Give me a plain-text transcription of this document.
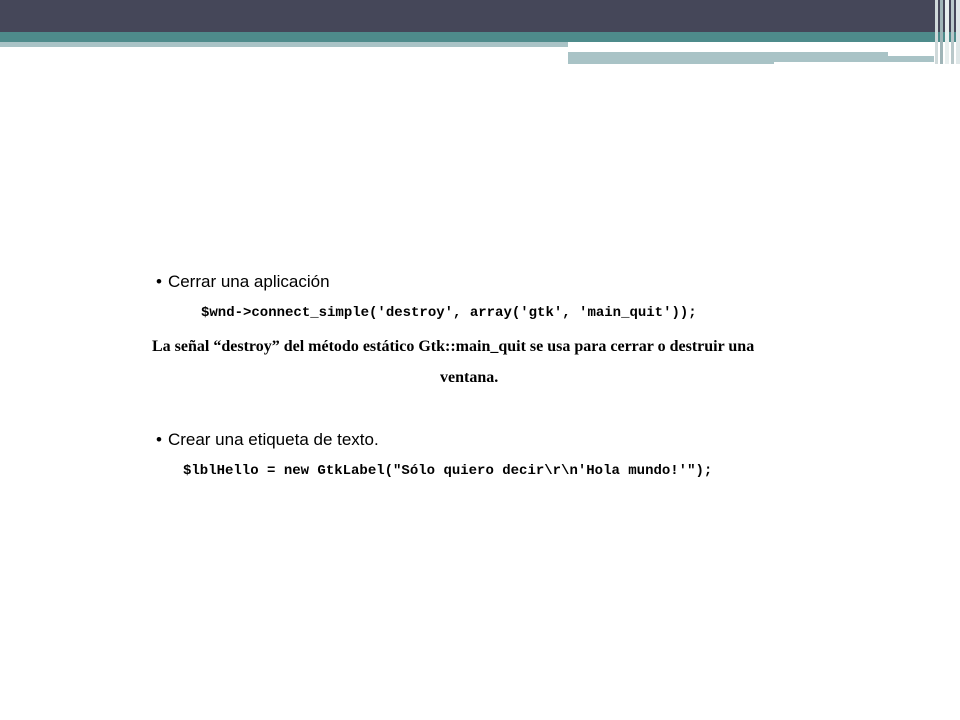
• Cerrar una aplicación
$wnd->connect_simple('destroy', array('gtk', 'main_quit'));
La señal “destroy” del método estático Gtk::main_quit se usa para cerrar o destruir una
ventana.
• Crear una etiqueta de texto.
$lblHello = new GtkLabel("Sólo quiero decir\r\n'Hola mundo!'");
